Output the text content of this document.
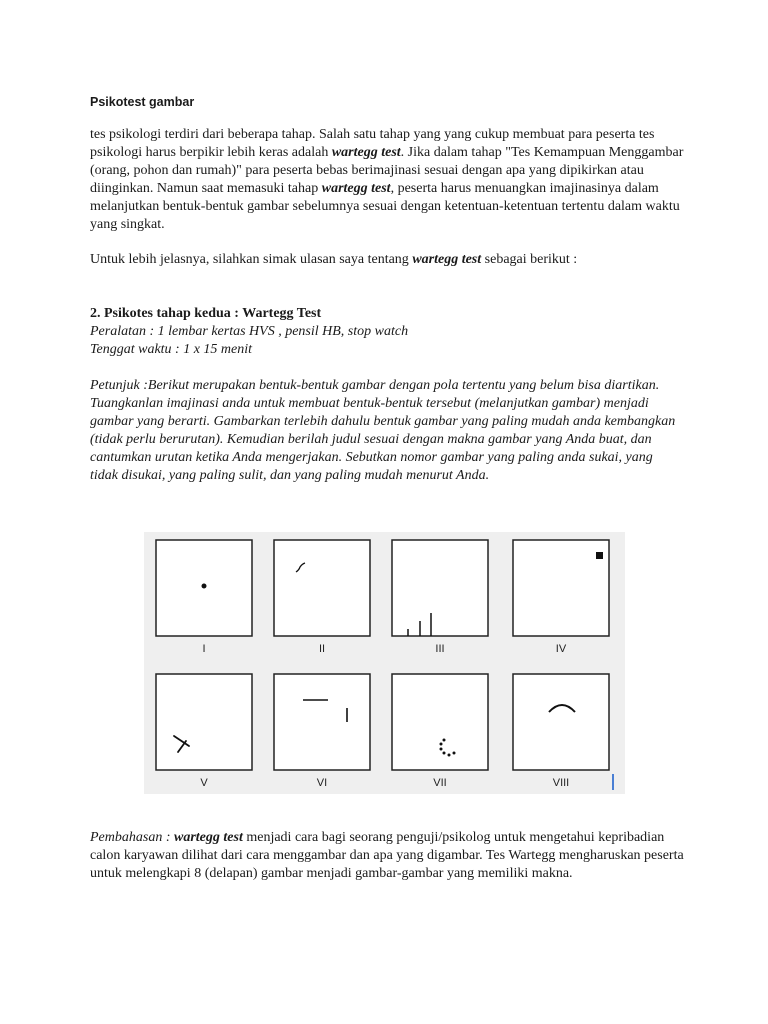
Psikotest gambar

tes psikologi terdiri dari beberapa tahap. Salah satu tahap yang yang cukup membuat para peserta tes psikologi harus berpikir lebih keras adalah wartegg test. Jika dalam tahap "Tes Kemampuan Menggambar (orang, pohon dan rumah)" para peserta bebas berimajinasi sesuai dengan apa yang dipikirkan atau diinginkan. Namun saat memasuki tahap wartegg test, peserta harus menuangkan imajinasinya dalam melanjutkan bentuk-bentuk gambar sebelumnya sesuai dengan ketentuan-ketentuan tertentu dalam waktu yang singkat.

Untuk lebih jelasnya, silahkan simak ulasan saya tentang wartegg test sebagai berikut :

2. Psikotes tahap kedua : Wartegg Test

Peralatan : 1 lembar kertas HVS , pensil HB, stop watch

Tenggat waktu : 1 x 15 menit

Petunjuk :Berikut merupakan bentuk-bentuk gambar dengan pola tertentu yang belum bisa diartikan. Tuangkanlan imajinasi anda untuk membuat bentuk-bentuk tersebut (melanjutkan gambar) menjadi gambar yang berarti. Gambarkan terlebih dahulu bentuk gambar yang paling mudah anda kembangkan (tidak perlu berurutan). Kemudian berilah judul sesuai dengan makna gambar yang Anda buat, dan cantumkan urutan ketika Anda mengerjakan. Sebutkan nomor gambar yang paling anda sukai, yang tidak disukai, yang paling sulit, dan yang paling mudah menurut Anda.

I	II	III	IV
V	VI	VII	VIII

Pembahasan : wartegg test menjadi cara bagi seorang penguji/psikolog untuk mengetahui kepribadian calon karyawan dilihat dari cara menggambar dan apa yang digambar. Tes Wartegg mengharuskan peserta untuk melengkapi 8 (delapan) gambar menjadi gambar-gambar yang memiliki makna.
